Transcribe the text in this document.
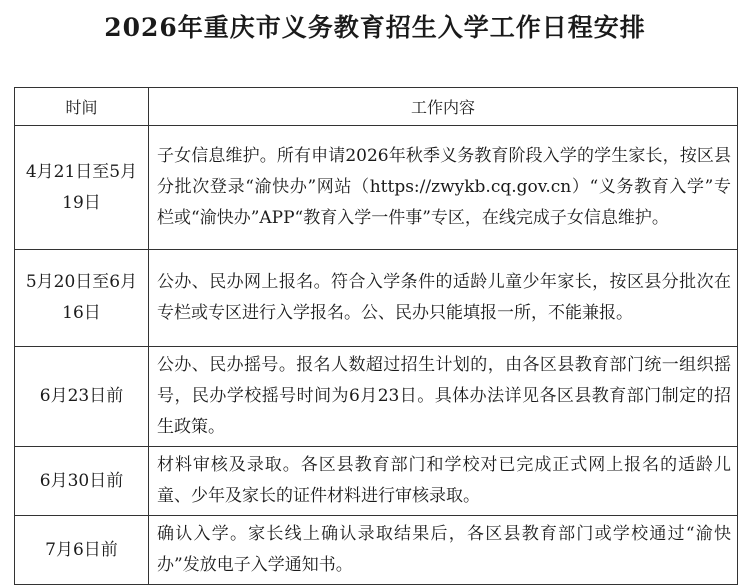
2026年重庆市义务教育招生入学工作日程安排
时间	工作内容
4月21日至5月19日	子女信息维护。所有申请2026年秋季义务教育阶段入学的学生家长，按区县分批次登录“渝快办”网站（https://zwykb.cq.gov.cn）“义务教育入学”专栏或“渝快办”APP“教育入学一件事”专区，在线完成子女信息维护。
5月20日至6月16日	公办、民办网上报名。符合入学条件的适龄儿童少年家长，按区县分批次在专栏或专区进行入学报名。公、民办只能填报一所，不能兼报。
6月23日前	公办、民办摇号。报名人数超过招生计划的，由各区县教育部门统一组织摇号，民办学校摇号时间为6月23日。具体办法详见各区县教育部门制定的招生政策。
6月30日前	材料审核及录取。各区县教育部门和学校对已完成正式网上报名的适龄儿童、少年及家长的证件材料进行审核录取。
7月6日前	确认入学。家长线上确认录取结果后，各区县教育部门或学校通过“渝快办”发放电子入学通知书。
